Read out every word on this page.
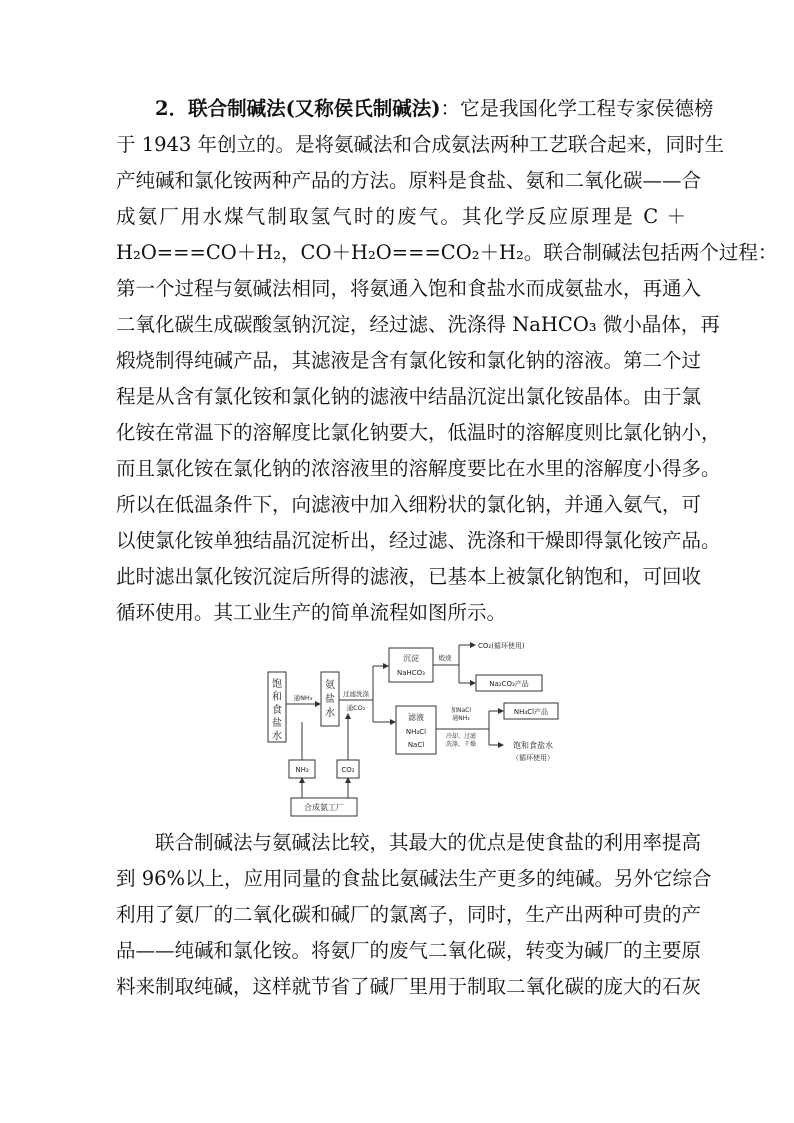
2．联合制碱法(又称侯氏制碱法)：它是我国化学工程专家侯德榜
于 1943 年创立的。是将氨碱法和合成氨法两种工艺联合起来，同时生
产纯碱和氯化铵两种产品的方法。原料是食盐、氨和二氧化碳——合
成氨厂用水煤气制取氢气时的废气。其化学反应原理是 C ＋
H₂O===CO＋H₂，CO＋H₂O===CO₂＋H₂。联合制碱法包括两个过程：
第一个过程与氨碱法相同，将氨通入饱和食盐水而成氨盐水，再通入
二氧化碳生成碳酸氢钠沉淀，经过滤、洗涤得 NaHCO₃ 微小晶体，再
煅烧制得纯碱产品，其滤液是含有氯化铵和氯化钠的溶液。第二个过
程是从含有氯化铵和氯化钠的滤液中结晶沉淀出氯化铵晶体。由于氯
化铵在常温下的溶解度比氯化钠要大，低温时的溶解度则比氯化钠小，
而且氯化铵在氯化钠的浓溶液里的溶解度要比在水里的溶解度小得多。
所以在低温条件下，向滤液中加入细粉状的氯化钠，并通入氨气，可
以使氯化铵单独结晶沉淀析出，经过滤、洗涤和干燥即得氯化铵产品。
此时滤出氯化铵沉淀后所得的滤液，已基本上被氯化钠饱和，可回收
循环使用。其工业生产的简单流程如图所示。
饱
和
食
盐
水
通NH₃
氨
盐
水
过滤洗涤
通CO₂
沉淀
NaHCO₃
煅烧
CO₂(循环使用)
Na₂CO₃产品
滤液
NH₄Cl
NaCl
加NaCl
通NH₃
冷却、过滤
洗涤、干燥
NH₄Cl产品
饱和食盐水
（循环使用）
NH₃	CO₂
合成氨工厂
联合制碱法与氨碱法比较，其最大的优点是使食盐的利用率提高
到 96%以上，应用同量的食盐比氨碱法生产更多的纯碱。另外它综合
利用了氨厂的二氧化碳和碱厂的氯离子，同时，生产出两种可贵的产
品——纯碱和氯化铵。将氨厂的废气二氧化碳，转变为碱厂的主要原
料来制取纯碱，这样就节省了碱厂里用于制取二氧化碳的庞大的石灰
